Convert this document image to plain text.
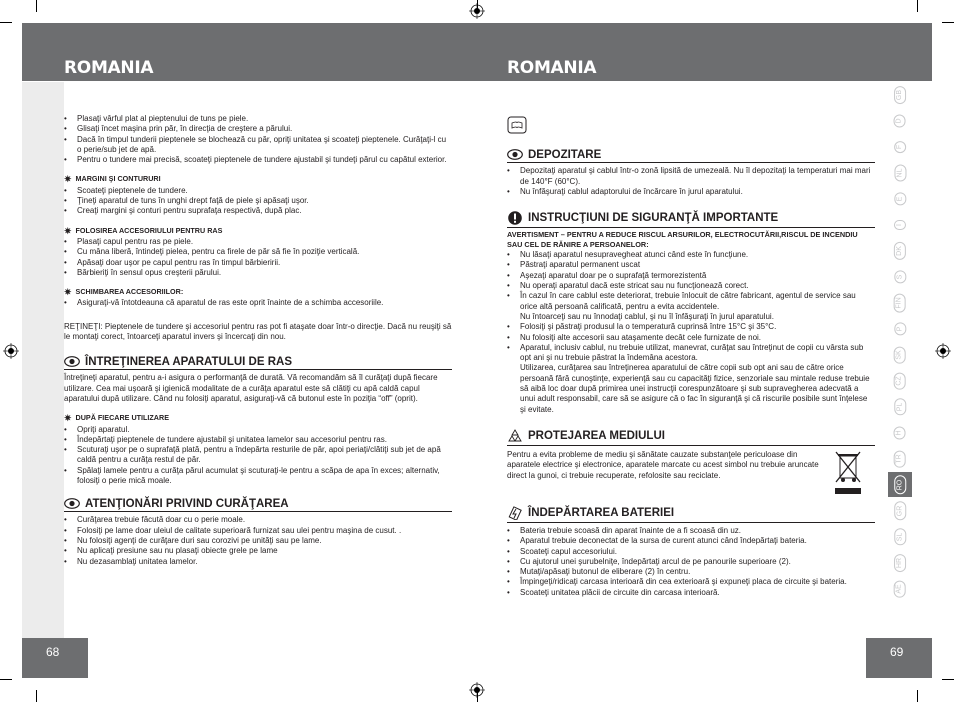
ROMANIA	ROMANIA
68	69
GB
D
F
NL
E
I
DK
S
FIN
P
SK
CZ
PL
H
TR
RO
GR
SL
HR
AE
• Plasaţi vârful plat al pieptenului de tuns pe piele.
• Glisaţi încet maşina prin păr, în direcţia de creştere a părului.
• Dacă în timpul tunderii pieptenele se blochează cu păr, opriţi unitatea şi scoateţi pieptenele. Curăţaţi-l cu o perie/sub jet de apă.
• Pentru o tundere mai precisă, scoateţi pieptenele de tundere ajustabil şi tundeţi părul cu capătul exterior.
✷ MARGINI ŞI CONTURURI
• Scoateţi pieptenele de tundere.
• Ţineţi aparatul de tuns în unghi drept faţă de piele şi apăsaţi uşor.
• Creaţi margini şi conturi pentru suprafaţa respectivă, după plac.
✷ FOLOSIREA ACCESORIULUI PENTRU RAS
• Plasaţi capul pentru ras pe piele.
• Cu mâna liberă, întindeţi pielea, pentru ca firele de păr să fie în poziţie verticală.
• Apăsaţi doar uşor pe capul pentru ras în timpul bărbieririi.
• Bărbieriţi în sensul opus creşterii părului.
✷ SCHIMBAREA ACCESORIILOR:
• Asiguraţi-vă întotdeauna că aparatul de ras este oprit înainte de a schimba accesoriile.
REŢINEŢI: Pieptenele de tundere şi accesoriul pentru ras pot fi ataşate doar într-o direcţie. Dacă nu reuşiţi să le montaţi corect, întoarceţi aparatul invers şi încercaţi din nou.
ÎNTREŢINEREA APARATULUI DE RAS
Întreţineţi aparatul, pentru a-i asigura o performanţă de durată. Vă recomandăm să îl curăţaţi după fiecare utilizare. Cea mai uşoară şi igienică modalitate de a curăţa aparatul este să clătiţi cu apă caldă capul aparatului după utilizare. Când nu folosiţi aparatul, asiguraţi-vă că butonul este în poziţia “off” (oprit).
✷ DUPĂ FIECARE UTILIZARE
• Opriţi aparatul.
• Îndepărtaţi pieptenele de tundere ajustabil şi unitatea lamelor sau accesoriul pentru ras.
• Scuturaţi uşor pe o suprafaţă plată, pentru a îndepărta resturile de păr, apoi periaţi/clătiţi sub jet de apă caldă pentru a curăţa restul de păr.
• Spălaţi lamele pentru a curăţa părul acumulat şi scuturaţi-le pentru a scăpa de apa în exces; alternativ, folosiţi o perie mică moale.
ATENŢIONĂRI PRIVIND CURĂŢAREA
• Curăţarea trebuie făcută doar cu o perie moale.
• Folosiţi pe lame doar uleiul de calitate superioară furnizat sau ulei pentru maşina de cusut. .
• Nu folosiţi agenţi de curăţare duri sau corozivi pe unităţi sau pe lame.
• Nu aplicaţi presiune sau nu plasaţi obiecte grele pe lame
• Nu dezasamblaţi unitatea lamelor.
DEPOZITARE
• Depozitaţi aparatul şi cablul într-o zonă lipsită de umezeală. Nu îl depozitaţi la temperaturi mai mari de 140°F (60°C).
• Nu înfăşuraţi cablul adaptorului de încărcare în jurul aparatului.
INSTRUCŢIUNI DE SIGURANŢĂ IMPORTANTE
AVERTISMENT – PENTRU A REDUCE RISCUL ARSURILOR, ELECTROCUTĂRII,RISCUL DE INCENDIU SAU CEL DE RĂNIRE A PERSOANELOR:
• Nu lăsaţi aparatul nesupravegheat atunci când este în funcţiune.
• Păstraţi aparatul permanent uscat
• Aşezaţi aparatul doar pe o suprafaţă termorezistentă
• Nu operaţi aparatul dacă este stricat sau nu funcţionează corect.
• În cazul în care cablul este deteriorat, trebuie înlocuit de către fabricant, agentul de service sau orice altă persoană calificată, pentru a evita accidentele.
Nu întoarceţi sau nu înnodaţi cablul, şi nu îl înfăşuraţi în jurul aparatului.
• Folosiţi şi păstraţi produsul la o temperatură cuprinsă între 15°C şi 35°C.
• Nu folosiţi alte accesorii sau ataşamente decât cele furnizate de noi.
• Aparatul, inclusiv cablul, nu trebuie utilizat, manevrat, curăţat sau întreţinut de copii cu vârsta sub opt ani şi nu trebuie păstrat la îndemâna acestora.
Utilizarea, curăţarea sau întreţinerea aparatului de către copii sub opt ani sau de către orice persoană fără cunoştinţe, experienţă sau cu capacităţi fizice, senzoriale sau mintale reduse trebuie să aibă loc doar după primirea unei instrucţii corespunzătoare şi sub supravegherea adecvată a unui adult responsabil, care să se asigure că o fac în siguranţă şi că riscurile posibile sunt înţelese şi evitate.
PROTEJAREA MEDIULUI
Pentru a evita probleme de mediu şi sănătate cauzate substanţele periculoase din aparatele electrice şi electronice, aparatele marcate cu acest simbol nu trebuie aruncate direct la gunoi, ci trebuie recuperate, refolosite sau reciclate.
ÎNDEPĂRTAREA BATERIEI
• Bateria trebuie scoasă din aparat înainte de a fi scoasă din uz.
• Aparatul trebuie deconectat de la sursa de curent atunci când îndepărtaţi bateria.
• Scoateţi capul accesoriului.
• Cu ajutorul unei şurubelniţe, îndepărtaţi arcul de pe panourile superioare (2).
• Mutaţi/apăsaţi butonul de eliberare (2) în centru.
• Împingeţi/ridicaţi carcasa interioară din cea exterioară şi expuneţi placa de circuite şi bateria.
• Scoateţi unitatea plăcii de circuite din carcasa interioară.
